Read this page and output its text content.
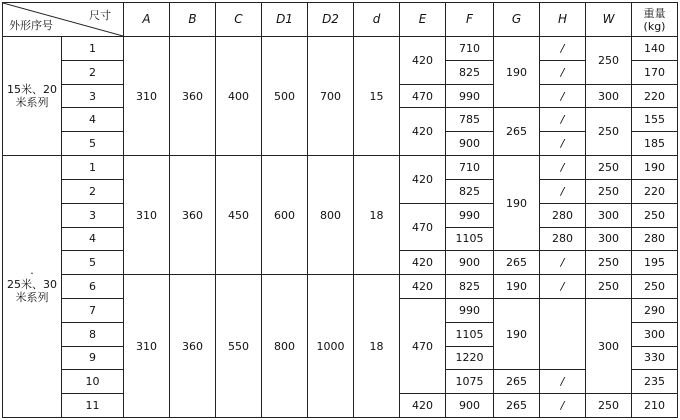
尺寸
外形序号		A	B	C	D1	D2	d	E	F	G	H	W	重量
(kg)

15米、20
米系列	1	310	360	400	500	700	15	420	710	190	/	250	140
	2								825		/		170
	3							470	990		/	300	220
	4							420	785	265	/	250	155
	5								900		/		185

·
25米、30
米系列	1	310	360	450	600	800	18	420	710	190	/	250	190
	2								825		/	250	220
	3							470	990		280	300	250
	4								1105		280	300	280
	5							420	900	265	/	250	195
	6	310	360	550	800	1000	18	420	825	190	/	250	250
	7							470	990	190		300	290
	8								1105				300
	9								1220				330
	10								1075	265	/		235
	11							420	900	265	/	250	210
